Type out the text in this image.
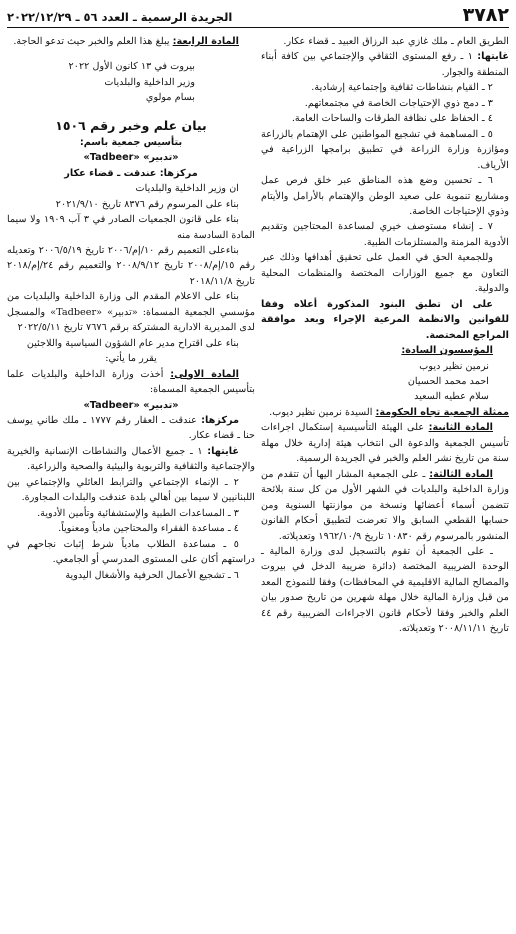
٣٧٨٢
الجريدة الرسمية ـ العدد ٥٦ ـ ٢٠٢٢/١٢/٢٩

الطريق العام ـ ملك غازي عبد الرزاق العبيد ـ قضاء عكار.

غايتها: ١ ـ رفع المستوى الثقافي والإجتماعي بين كافة أبناء المنطقة والجوار.

٢ ـ القيام بنشاطات ثقافية وإجتماعية إرشادية.

٣ ـ دمج ذوي الإحتياجات الخاصة في مجتمعاتهم.

٤ ـ الحفاظ على نظافة الطرقات والساحات العامة.

٥ ـ المساهمة في تشجيع المواطنين على الإهتمام بالزراعة ومؤازرة وزارة الزراعة في تطبيق برامجها الزراعية في الأرياف.

٦ ـ تحسين وضع هذه المناطق عبر خلق فرص عمل ومشاريع تنموية على صعيد الوطن والإهتمام بالأرامل والأيتام وذوي الإحتياجات الخاصة.

٧ ـ إنشاء مستوصف خيري لمساعدة المحتاجين وتقديم الأدوية المزمنة والمستلزمات الطبية.

وللجمعية الحق في العمل على تحقيق أهدافها وذلك عبر التعاون مع جميع الوزارات المختصة والمنظمات المحلية والدولية.

على ان تطبق البنود المذكورة أعلاه وفقا للقوانين والانظمة المرعية الإجراء وبعد موافقة المراجع المختصة.

المؤسسون السادة:

نرمين نظير ديوب

احمد محمد الحسيان

سلام عطيه السعيد

ممثلة الجمعية تجاه الحكومة: السيدة نرمين نظير ديوب.

المادة الثانية: على الهيئة التأسيسية إستكمال اجراءات تأسيس الجمعية والدعوة الى انتخاب هيئة إدارية خلال مهلة سنة من تاريخ نشر العلم والخبر في الجريدة الرسمية.

المادة الثالثة: ـ على الجمعية المشار اليها أن تتقدم من وزارة الداخلية والبلديات في الشهر الأول من كل سنة بلائحة تتضمن أسماء أعضائها ونسخة من موازنتها السنوية ومن حسابها القطعي السابق والا تعرضت لتطبيق أحكام القانون المنشور بالمرسوم رقم ١٠٨٣٠ تاريخ ١٩٦٢/١٠/٩ وتعديلاته.

ـ على الجمعية أن تقوم بالتسجيل لدى وزارة المالية ـ الوحدة الضريبية المختصة (دائرة ضريبة الدخل في بيروت والمصالح المالية الاقليمية في المحافظات) وفقا للنموذج المعد من قبل وزارة المالية خلال مهلة شهرين من تاريخ صدور بيان العلم والخبر وفقا لأحكام قانون الاجراءات الضريبية رقم ٤٤ تاريخ ٢٠٠٨/١١/١١ وتعديلاته.

المادة الرابعة: يبلغ هذا العلم والخبر حيث تدعو الحاجة.

بيروت في ١٣ كانون الأول ٢٠٢٢

وزير الداخلية والبلديات

بسام مولوي

بيان علم وخبر رقم ١٥٠٦

بتأسيس جمعية باسم:

«تدبير» «Tadbeer»

مركزها: عندقت ـ قضاء عكار

ان وزير الداخلية والبلديات

بناء على المرسوم رقم ٨٣٧٦ تاريخ ٢٠٢١/٩/١٠

بناء على قانون الجمعيات الصادر في ٣ آب ١٩٠٩ ولا سيما المادة السادسة منه

بناءعلى التعميم رقم ١٠/إم/٢٠٠٦ تاريخ ٢٠٠٦/٥/١٩ وتعديله رقم ١٥/إم/٢٠٠٨ تاريخ ٢٠٠٨/٩/١٢ والتعميم رقم ٢٤/إم/٢٠١٨ تاريخ ٢٠١٨/١١/٨

بناء على الاعلام المقدم الى وزارة الداخلية والبلديات من مؤسسي الجمعية المسماة: «تدبير» «Tadbeer» والمسجل لدى المديرية الادارية المشتركة برقم ٧٦٧٦ تاريخ ٢٠٢٢/٥/١١

بناء على اقتراح مدير عام الشؤون السياسية واللاجئين

يقرر ما يأتي:

المادة الاولى: أخذت وزارة الداخلية والبلديات علما بتأسيس الجمعية المسماة:

«تدبير» «Tadbeer»

مركزها: عندقت ـ العقار رقم ١٧٧٧ ـ ملك طاني يوسف حنا ـ قضاء عكار.

غايتها: ١ ـ جميع الأعمال والنشاطات الإنسانية والخيرية والإجتماعية والثقافية والتربوية والبيئية والصحية والزراعية.

٢ ـ الإنماء الإجتماعي والترابط العائلي والإجتماعي بين اللبنانيين لا سيما بين أهالي بلدة عندقت والبلدات المجاورة.

٣ ـ المساعدات الطبية والإستشفائية وتأمين الأدوية.

٤ ـ مساعدة الفقراء والمحتاجين مادياً ومعنوياً.

٥ ـ مساعدة الطلاب مادياً شرط إثبات نجاحهم في دراستهم أكان على المستوى المدرسي أو الجامعي.

٦ ـ تشجيع الأعمال الحرفية والأشغال اليدوية
